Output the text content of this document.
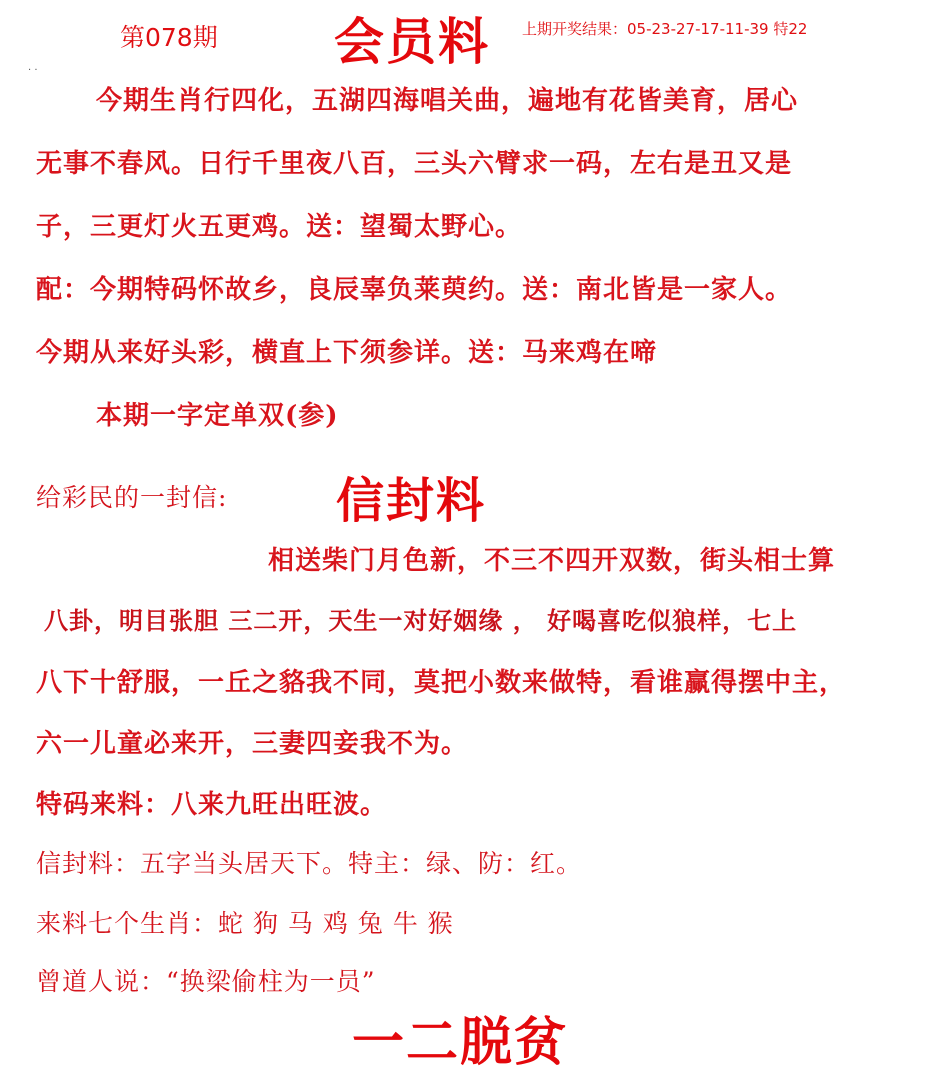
第078期 会员料 上期开奖结果：05-23-27-17-11-39 特22
. .
今期生肖行四化，五湖四海唱关曲，遍地有花皆美育，居心
无事不春风。日行千里夜八百，三头六臂求一码，左右是丑又是
子，三更灯火五更鸡。送：望蜀太野心。
配：今期特码怀故乡，良辰辜负莱萸约。送：南北皆是一家人。
今期从来好头彩，横直上下须参详。送：马来鸡在啼
本期一字定单双(参)
给彩民的一封信: 信封料
相送柴门月色新，不三不四开双数，街头相士算
八卦，明目张胆 三二开，天生一对好姻缘 ， 好喝喜吃似狼样，七上
八下十舒服，一丘之貉我不同，莫把小数来做特，看谁赢得摆中主，
六一儿童必来开，三妻四妾我不为。
特码来料：八来九旺出旺波。
信封料：五字当头居天下。特主：绿、防：红。
来料七个生肖：蛇 狗 马 鸡 兔 牛 猴
曾道人说：“换梁偷柱为一员”
一二脱贫
